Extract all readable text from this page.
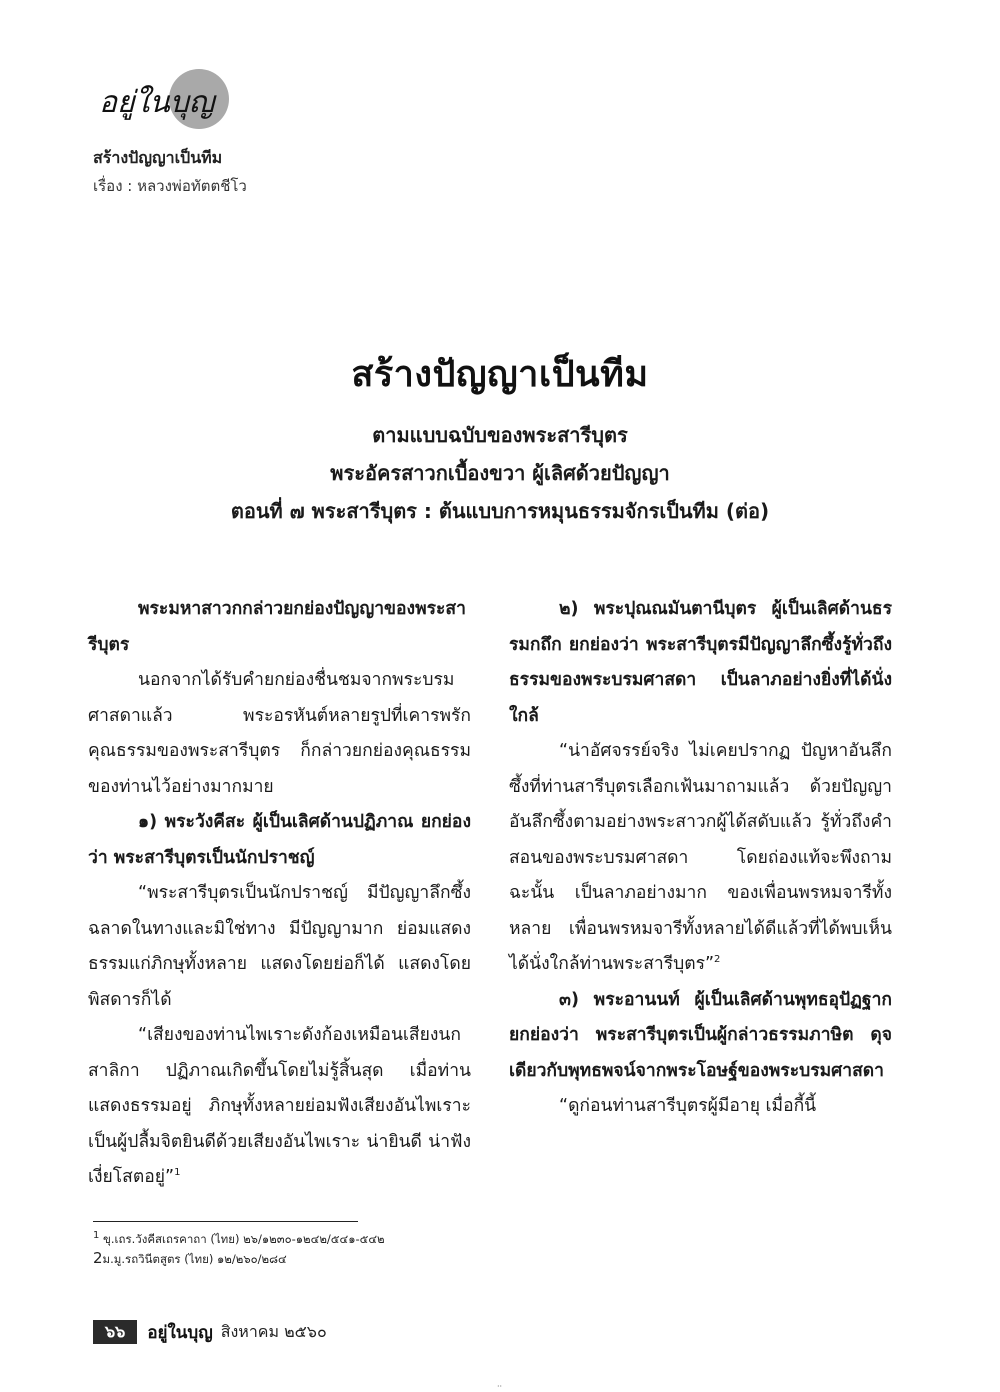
อยู่ในบุญ

สร้างปัญญาเป็นทีม

เรื่อง : หลวงพ่อทัตตชีโว

สร้างปัญญาเป็นทีม

ตามแบบฉบับของพระสารีบุตร

พระอัครสาวกเบื้องขวา ผู้เลิศด้วยปัญญา

ตอนที่ ๗ พระสารีบุตร : ต้นแบบการหมุนธรรมจักรเป็นทีม (ต่อ)

พระมหาสาวกกล่าวยกย่องปัญญาของพระสารีบุตร

นอกจากได้รับคำยกย่องชื่นชมจากพระบรมศาสดาแล้ว พระอรหันต์หลายรูปที่เคารพรักคุณธรรมของพระสารีบุตร ก็กล่าวยกย่องคุณธรรมของท่านไว้อย่างมากมาย

๑) พระวังคีสะ ผู้เป็นเลิศด้านปฏิภาณ ยกย่องว่า พระสารีบุตรเป็นนักปราชญ์

“พระสารีบุตรเป็นนักปราชญ์ มีปัญญาลึกซึ้ง ฉลาดในทางและมิใช่ทาง มีปัญญามาก ย่อมแสดงธรรมแก่ภิกษุทั้งหลาย แสดงโดยย่อก็ได้ แสดงโดยพิสดารก็ได้

“เสียงของท่านไพเราะดังก้องเหมือนเสียงนกสาลิกา ปฏิภาณเกิดขึ้นโดยไม่รู้สิ้นสุด เมื่อท่านแสดงธรรมอยู่ ภิกษุทั้งหลายย่อมฟังเสียงอันไพเราะ เป็นผู้ปลื้มจิตยินดีด้วยเสียงอันไพเราะ น่ายินดี น่าฟัง เงี่ยโสตอยู่”$^1$

๒) พระปุณณมันตานีบุตร ผู้เป็นเลิศด้านธรรมกถึก ยกย่องว่า พระสารีบุตรมีปัญญาลึกซึ้งรู้ทั่วถึงธรรมของพระบรมศาสดา เป็นลาภอย่างยิ่งที่ได้นั่งใกล้

“น่าอัศจรรย์จริง ไม่เคยปรากฏ ปัญหาอันลึกซึ้งที่ท่านสารีบุตรเลือกเฟ้นมาถามแล้ว ด้วยปัญญาอันลึกซึ้งตามอย่างพระสาวกผู้ได้สดับแล้ว รู้ทั่วถึงคำสอนของพระบรมศาสดา โดยถ่องแท้จะพึงถามฉะนั้น เป็นลาภอย่างมาก ของเพื่อนพรหมจารีทั้งหลาย เพื่อนพรหมจารีทั้งหลายได้ดีแล้วที่ได้พบเห็น ได้นั่งใกล้ท่านพระสารีบุตร”$^2$

๓) พระอานนท์ ผู้เป็นเลิศด้านพุทธอุปัฏฐาก ยกย่องว่า พระสารีบุตรเป็นผู้กล่าวธรรมภาษิต ดุจเดียวกับพุทธพจน์จากพระโอษฐ์ของพระบรมศาสดา

“ดูก่อนท่านสารีบุตรผู้มีอายุ เมื่อกี้นี้

$^1$ ขุ.เถร.วังคีสเถรคาถา (ไทย) ๒๖/๑๒๓๐-๑๒๔๒/๕๔๑-๕๔๒
2ม.มู.รถวินีตสูตร (ไทย) ๑๒/๒๖๐/๒๘๔
๖๖	อยู่ในบุญ สิงหาคม ๒๕๖๐
··
